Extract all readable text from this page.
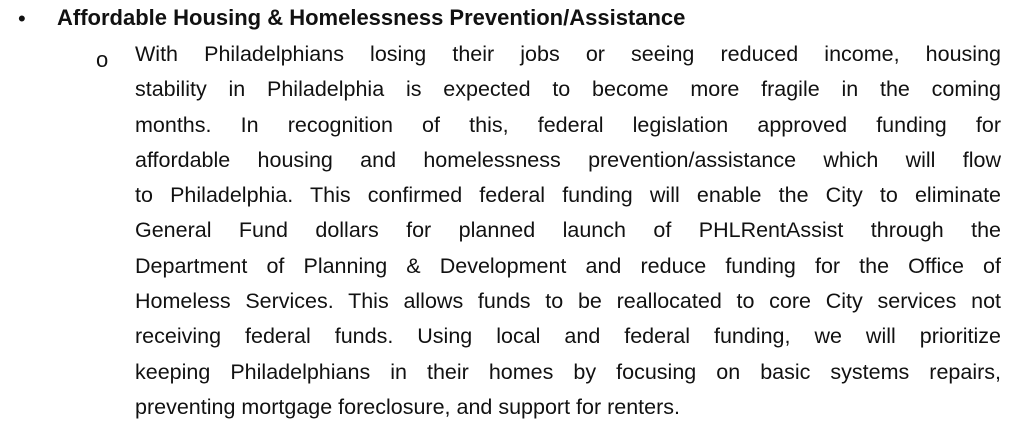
• Affordable Housing & Homelessness Prevention/Assistance
o With Philadelphians losing their jobs or seeing reduced income, housing
stability in Philadelphia is expected to become more fragile in the coming
months. In recognition of this, federal legislation approved funding for
affordable housing and homelessness prevention/assistance which will flow
to Philadelphia. This confirmed federal funding will enable the City to eliminate
General Fund dollars for planned launch of PHLRentAssist through the
Department of Planning & Development and reduce funding for the Office of
Homeless Services. This allows funds to be reallocated to core City services not
receiving federal funds. Using local and federal funding, we will prioritize
keeping Philadelphians in their homes by focusing on basic systems repairs,
preventing mortgage foreclosure, and support for renters.
